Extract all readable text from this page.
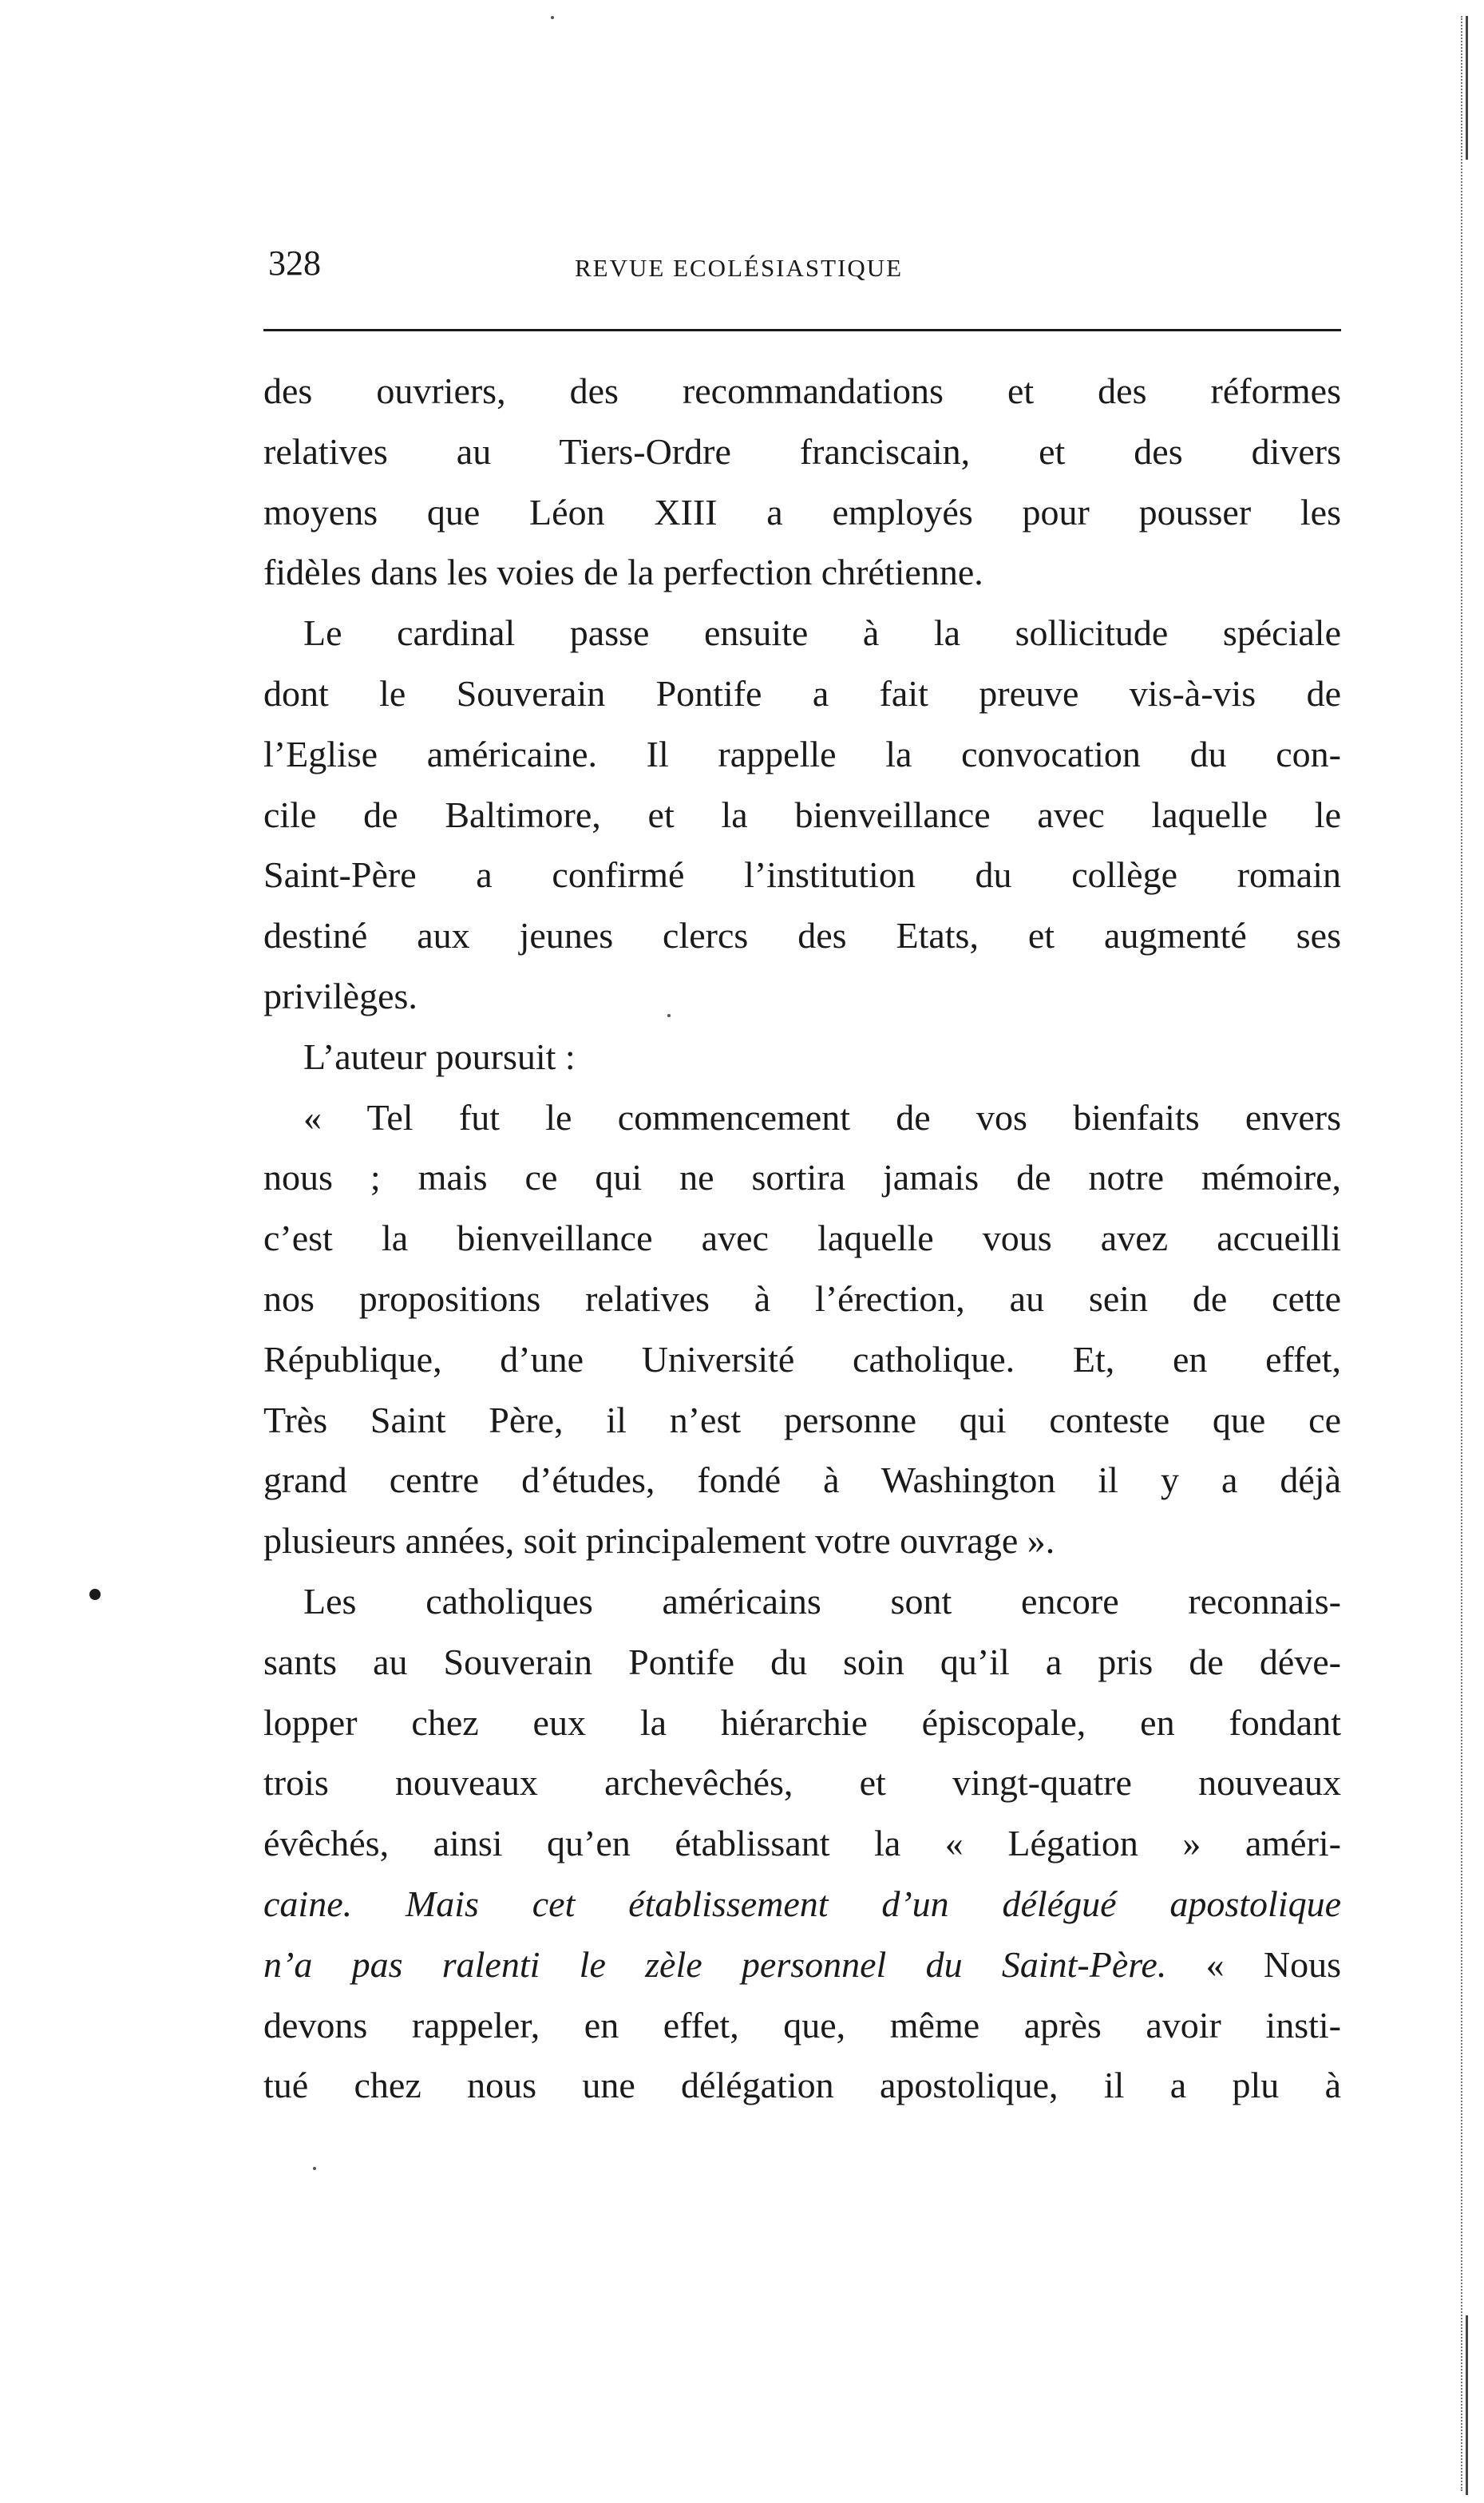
328	REVUE ECOLÉSIASTIQUE
des ouvriers, des recommandations et des réformes
relatives au Tiers-Ordre franciscain, et des divers
moyens que Léon XIII a employés pour pousser les
fidèles dans les voies de la perfection chrétienne.
Le cardinal passe ensuite à la sollicitude spéciale
dont le Souverain Pontife a fait preuve vis-à-vis de
l’Eglise américaine. Il rappelle la convocation du con-
cile de Baltimore, et la bienveillance avec laquelle le
Saint-Père a confirmé l’institution du collège romain
destiné aux jeunes clercs des Etats, et augmenté ses
privilèges.
L’auteur poursuit :
« Tel fut le commencement de vos bienfaits envers
nous ; mais ce qui ne sortira jamais de notre mémoire,
c’est la bienveillance avec laquelle vous avez accueilli
nos propositions relatives à l’érection, au sein de cette
République, d’une Université catholique. Et, en effet,
Très Saint Père, il n’est personne qui conteste que ce
grand centre d’études, fondé à Washington il y a déjà
plusieurs années, soit principalement votre ouvrage ».
Les catholiques américains sont encore reconnais-
sants au Souverain Pontife du soin qu’il a pris de déve-
lopper chez eux la hiérarchie épiscopale, en fondant
trois nouveaux archevêchés, et vingt-quatre nouveaux
évêchés, ainsi qu’en établissant la « Légation » améri-
caine. Mais cet établissement d’un délégué apostolique
n’a pas ralenti le zèle personnel du Saint-Père. « Nous
devons rappeler, en effet, que, même après avoir insti-
tué chez nous une délégation apostolique, il a plu à
